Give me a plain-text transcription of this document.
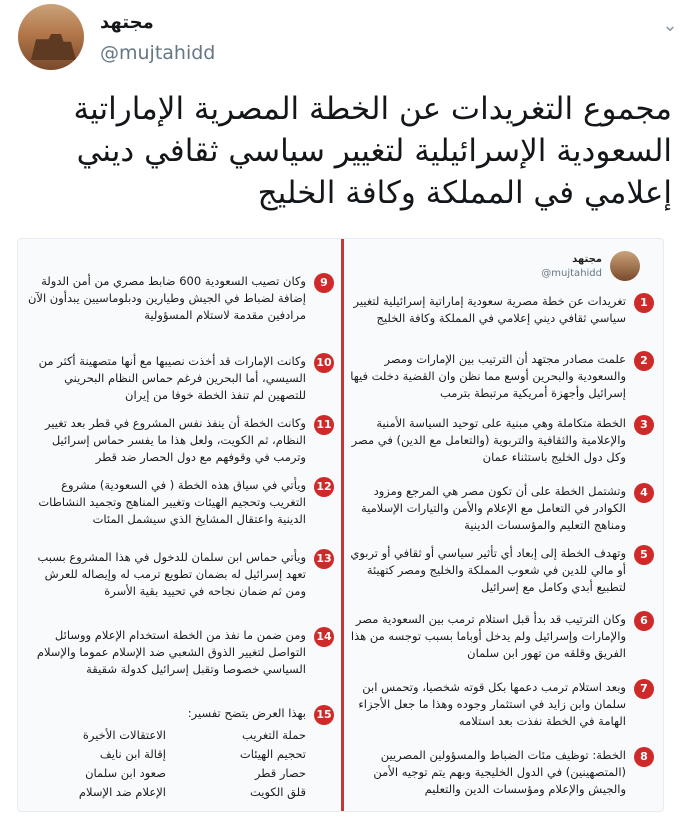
مجتهد
@mujtahidd
⌄
مجموع التغريدات عن الخطة المصرية الإماراتية السعودية الإسرائيلية لتغيير سياسي ثقافي ديني إعلامي في المملكة وكافة الخليج
مجتهد
@mujtahidd
1
تغريدات عن خطة مصرية سعودية إماراتية إسرائيلية لتغيير سياسي ثقافي ديني إعلامي في المملكة وكافة الخليج
2
علمت مصادر مجتهد أن الترتيب بين الإمارات ومصر والسعودية والبحرين أوسع مما نظن وان القضية دخلت فيها إسرائيل وأجهزة أمريكية مرتبطة بترمب
3
الخطة متكاملة وهي مبنية على توحيد السياسة الأمنية والإعلامية والثقافية والتربوية (والتعامل مع الدين) في مصر وكل دول الخليج باستثناء عمان
4
وتشتمل الخطة على أن تكون مصر هي المرجع ومزود الكوادر في التعامل مع الإعلام والأمن والتيارات الإسلامية ومناهج التعليم والمؤسسات الدينية
5
وتهدف الخطة إلى إبعاد أي تأثير سياسي أو ثقافي أو تربوي أو مالي للدين في شعوب المملكة والخليج ومصر كتهيئة لتطبيع أبدي وكامل مع إسرائيل
6
وكان الترتيب قد بدأ قبل استلام ترمب بين السعودية مصر والإمارات وإسرائيل ولم يدخل أوباما بسبب توجسه من هذا الفريق وقلقه من تهور ابن سلمان
7
وبعد استلام ترمب دعمها بكل قوته شخصيا، وتحمس ابن سلمان وابن زايد في استثمار وجوده وهذا ما جعل الأجزاء الهامة في الخطة نفذت بعد استلامه
8
الخطة: توظيف مئات الضباط والمسؤولين المصريين (المتصهينين) في الدول الخليجية وبهم يتم توجيه الأمن والجيش والإعلام ومؤسسات الدين والتعليم
9
وكان تصيب السعودية 600 ضابط مصري من أمن الدولة إضافة لضباط في الجيش وطيارين ودبلوماسيين يبدأون الآن مرادفين مقدمة لاستلام المسؤولية
10
وكانت الإمارات قد أخذت نصيبها مع أنها متصهينة أكثر من السيسي، أما البحرين فرغم حماس النظام البحريني للتصهين لم تنفذ الخطة خوفا من إيران
11
وكانت الخطة أن ينفذ نفس المشروع في قطر بعد تغيير النظام، ثم الكويت، ولعل هذا ما يفسر حماس إسرائيل وترمب في وقوفهم مع دول الحصار ضد قطر
12
ويأتي في سياق هذه الخطة ( في السعودية) مشروع التغريب وتحجيم الهيئات وتغيير المناهج وتجميد النشاطات الدينية واعتقال المشايخ الذي سيشمل المئات
13
ويأتي حماس ابن سلمان للدخول في هذا المشروع بسبب تعهد إسرائيل له بضمان تطويع ترمب له وإيصاله للعرش ومن ثم ضمان نجاحه في تحييد بقية الأسرة
14
ومن ضمن ما نفذ من الخطة استخدام الإعلام ووسائل التواصل لتغيير الذوق الشعبي ضد الإسلام عموما والإسلام السياسي خصوصا وتقبل إسرائيل كدولة شقيقة
15
بهذا العرض يتضح تفسير:
حملة التغريب
الاعتقالات الأخيرة
تحجيم الهيئات
إقالة ابن نايف
حصار قطر
صعود ابن سلمان
قلق الكويت
الإعلام ضد الإسلام
